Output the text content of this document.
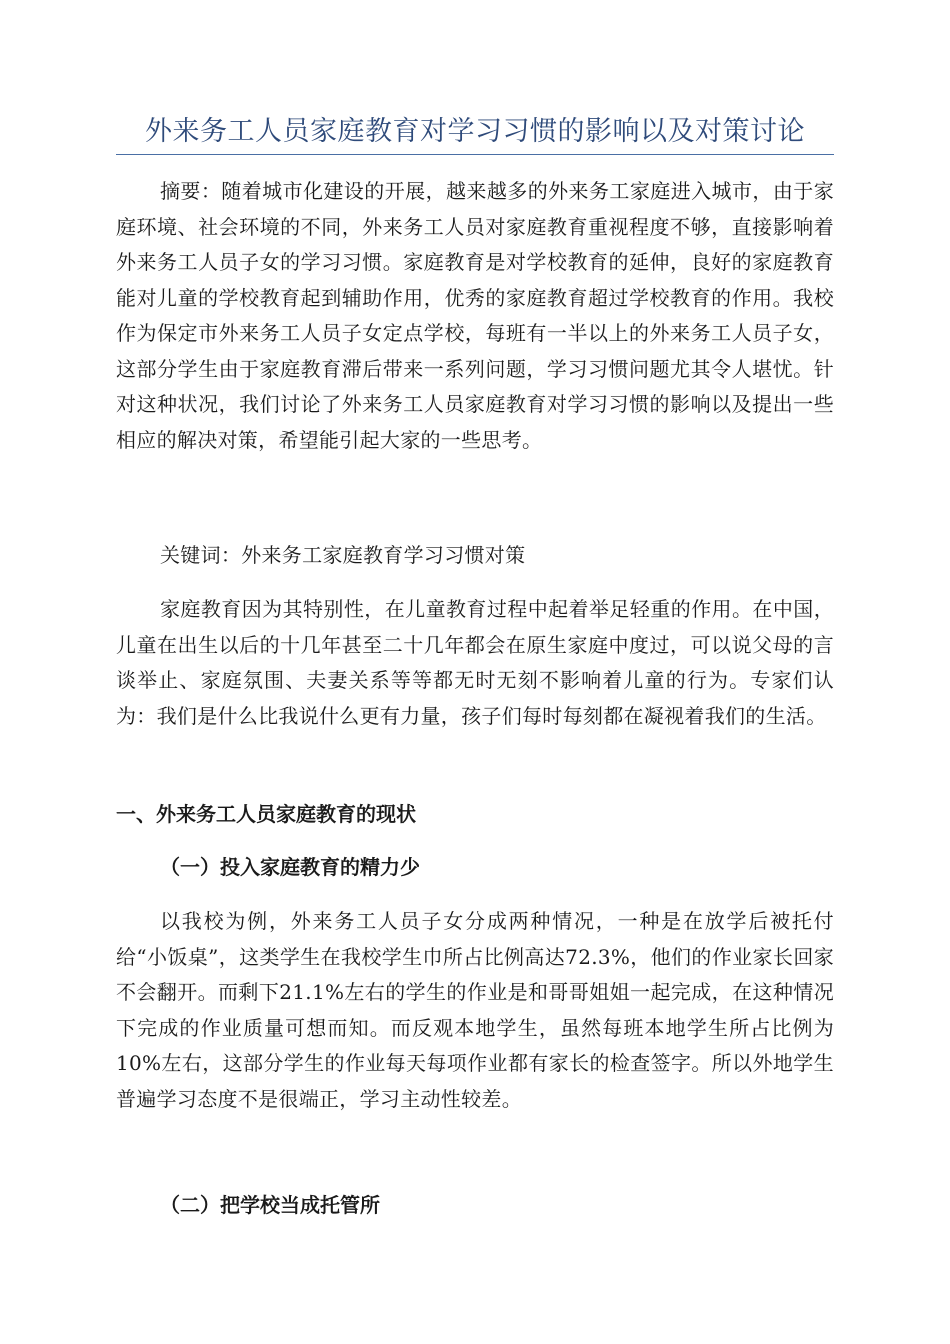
外来务工人员家庭教育对学习习惯的影响以及对策讨论

摘要：随着城市化建设的开展，越来越多的外来务工家庭进入城市，由于家庭环境、社会环境的不同，外来务工人员对家庭教育重视程度不够，直接影响着外来务工人员子女的学习习惯。家庭教育是对学校教育的延伸，良好的家庭教育能对儿童的学校教育起到辅助作用，优秀的家庭教育超过学校教育的作用。我校作为保定市外来务工人员子女定点学校，每班有一半以上的外来务工人员子女，这部分学生由于家庭教育滞后带来一系列问题，学习习惯问题尤其令人堪忧。针对这种状况，我们讨论了外来务工人员家庭教育对学习习惯的影响以及提出一些相应的解决对策，希望能引起大家的一些思考。

关键词：外来务工家庭教育学习习惯对策

家庭教育因为其特别性，在儿童教育过程中起着举足轻重的作用。在中国，儿童在出生以后的十几年甚至二十几年都会在原生家庭中度过，可以说父母的言谈举止、家庭氛围、夫妻关系等等都无时无刻不影响着儿童的行为。专家们认为：我们是什么比我说什么更有力量，孩子们每时每刻都在凝视着我们的生活。

一、外来务工人员家庭教育的现状
（一）投入家庭教育的精力少

以我校为例，外来务工人员子女分成两种情况，一种是在放学后被托付给“小饭桌”，这类学生在我校学生巾所占比例高达72.3%，他们的作业家长回家不会翻开。而剩下21.1%左右的学生的作业是和哥哥姐姐一起完成，在这种情况下完成的作业质量可想而知。而反观本地学生，虽然每班本地学生所占比例为10%左右，这部分学生的作业每天每项作业都有家长的检查签字。所以外地学生普遍学习态度不是很端正，学习主动性较差。

（二）把学校当成托管所
